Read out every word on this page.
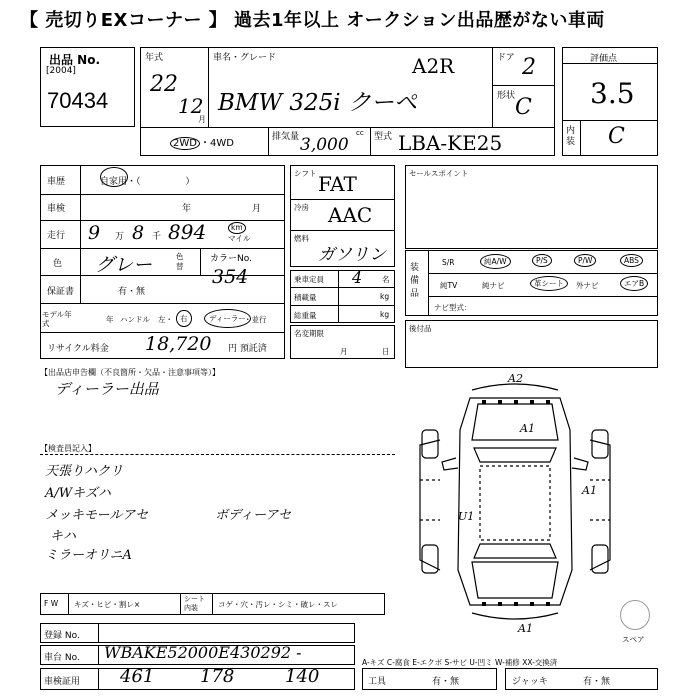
【 売切りEXコーナー 】 過去1年以上 オークション出品歴がない車両
出品 No.
[2004]
70434
年式
22
12
月
車名・グレード	A2R
BMW 325i クーペ
ドア 2
形状 C
2WD ・4WD
排気量	cc
3,000	型式 LBA-KE25
評価点
3.5
内装 C
車歴	自家用・（　　　　　）
車検	年	月
走行 9 万 8 千 894	km
マイル
色 グレー	色替
カラーNo.
354
保証書	有・無
モデル年式	年 ハンドル 左・ 右	ディーラー
・並行
リサイクル料金 18,720 円 預託済
シフト FAT
冷房 AAC
燃料
ガソリン
乗車定員 4	名
積載量	kg
総重量	kg
名変期限
月	日
セールスポイント
装備品
S/R	純A/W	P/S	P/W	ABS
純TV	純ナビ	革シート	外ナビ	エアB
ナビ型式：
後付品
【出品店申告欄（不良箇所・欠品・注意事項等）】
ディーラー出品
【検査員記入】
天張りハクリ
A/Wキズハ
メッキモールアセ
キハ
ミラーオリニA
ボディーアセ
F W キズ・ヒビ・割レ×
シート内装	コゲ・穴・汚レ・シミ・破レ・スレ
登録 No.
車台 No. WBAKE52000E430292 -
車検証用 461	178	140
A-キズ C-腐食 E-エクボ S-サビ U-凹ミ W-補修 XX-交換済
工具	有・無	ジャッキ	有・無
スペア
A2
A1
U1
A1
A1
